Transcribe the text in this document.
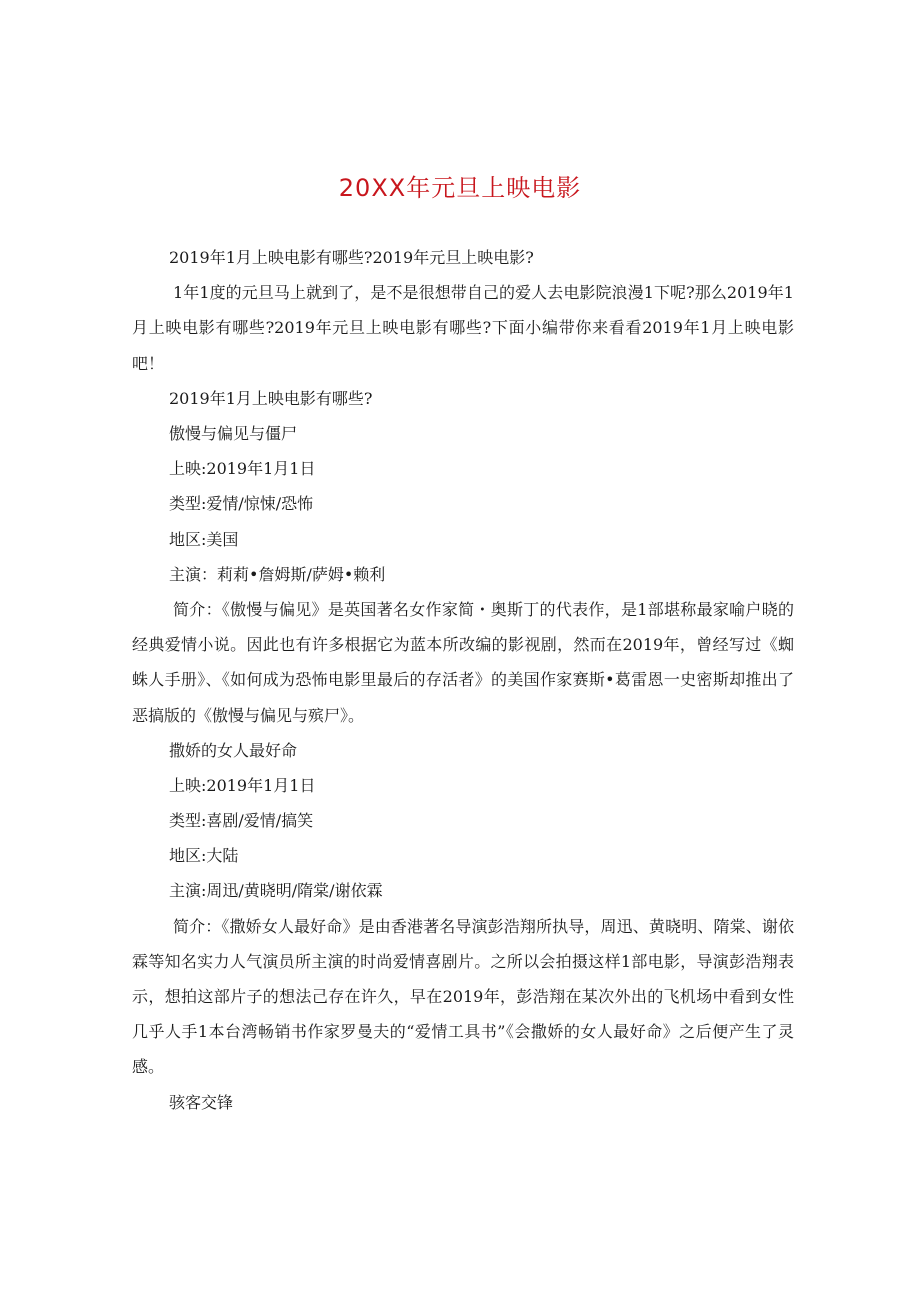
20XX年元旦上映电影

2019年1月上映电影有哪些?2019年元旦上映电影?

1年1度的元旦马上就到了，是不是很想带自己的爱人去电影院浪漫1下呢?那么2019年1月上映电影有哪些?2019年元旦上映电影有哪些?下面小编带你来看看2019年1月上映电影吧！

2019年1月上映电影有哪些?

傲慢与偏见与僵尸

上映:2019年1月1日

类型:爱情/惊悚/恐怖

地区:美国

主演：莉莉•詹姆斯/萨姆•赖利

简介：《傲慢与偏见》是英国著名女作家简・奥斯丁的代表作，是1部堪称最家喻户晓的经典爱情小说。因此也有许多根据它为蓝本所改编的影视剧，然而在2019年，曾经写过《蜘蛛人手册》、《如何成为恐怖电影里最后的存活者》的美国作家赛斯•葛雷恩一史密斯却推出了恶搞版的《傲慢与偏见与殡尸》。

撒娇的女人最好命

上映:2019年1月1日

类型:喜剧/爱情/搞笑

地区:大陆

主演:周迅/黄晓明/隋棠/谢依霖

简介：《撒娇女人最好命》是由香港著名导演彭浩翔所执导，周迅、黄晓明、隋棠、谢依霖等知名实力人气演员所主演的时尚爱情喜剧片。之所以会拍摄这样1部电影，导演彭浩翔表示，想拍这部片子的想法己存在许久，早在2019年，彭浩翔在某次外出的飞机场中看到女性几乎人手1本台湾畅销书作家罗曼夫的“爱情工具书”《会撒娇的女人最好命》之后便产生了灵感。

骇客交锋
